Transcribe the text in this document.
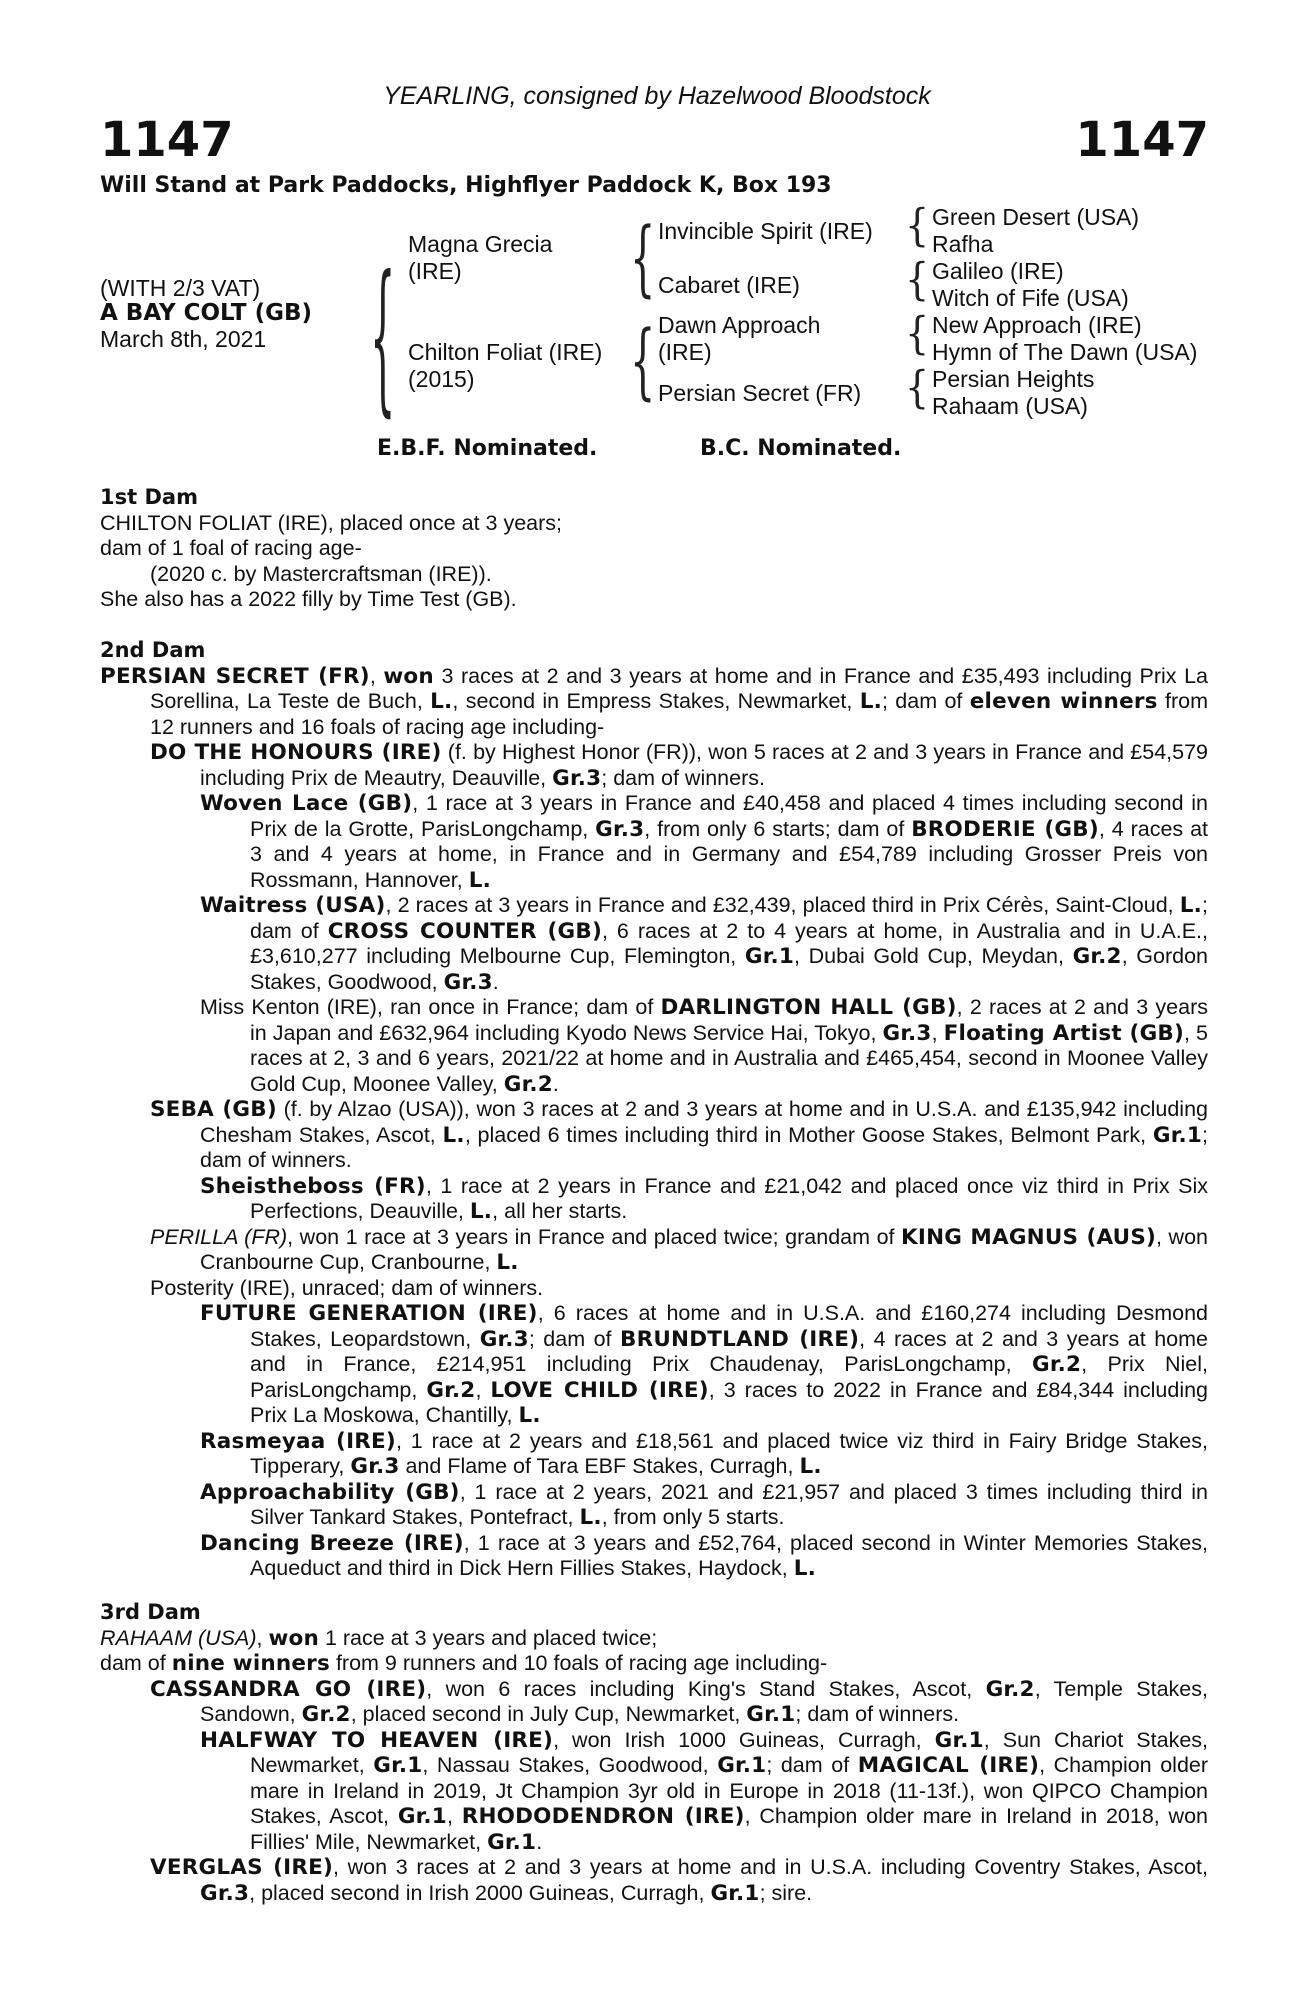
YEARLING, consigned by Hazelwood Bloodstock
1147	1147
Will Stand at Park Paddocks, Highflyer Paddock K, Box 193
(WITH 2/3 VAT)
A BAY COLT (GB)
March 8th, 2021	{	{
{
{
{
{
{
Magna Grecia
(IRE)
Chilton Foliat (IRE)
(2015)
Invincible Spirit (IRE)
Cabaret (IRE)
Dawn Approach
(IRE)
Persian Secret (FR)
Green Desert (USA)
Rafha
Galileo (IRE)
Witch of Fife (USA)
New Approach (IRE)
Hymn of The Dawn (USA)
Persian Heights
Rahaam (USA)
E.B.F. Nominated.	B.C. Nominated.
1st Dam
CHILTON FOLIAT (IRE), placed once at 3 years;
dam of 1 foal of racing age-
(2020 c. by Mastercraftsman (IRE)).
She also has a 2022 filly by Time Test (GB).
2nd Dam

PERSIAN SECRET (FR), won 3 races at 2 and 3 years at home and in France and £35,493 including Prix La Sorellina, La Teste de Buch, L., second in Empress Stakes, Newmarket, L.; dam of eleven winners from 12 runners and 16 foals of racing age including-

DO THE HONOURS (IRE) (f. by Highest Honor (FR)), won 5 races at 2 and 3 years in France and £54,579 including Prix de Meautry, Deauville, Gr.3; dam of winners.

Woven Lace (GB), 1 race at 3 years in France and £40,458 and placed 4 times including second in Prix de la Grotte, ParisLongchamp, Gr.3, from only 6 starts; dam of BRODERIE (GB), 4 races at 3 and 4 years at home, in France and in Germany and £54,789 including Grosser Preis von Rossmann, Hannover, L.

Waitress (USA), 2 races at 3 years in France and £32,439, placed third in Prix Cérès, Saint-Cloud, L.; dam of CROSS COUNTER (GB), 6 races at 2 to 4 years at home, in Australia and in U.A.E., £3,610,277 including Melbourne Cup, Flemington, Gr.1, Dubai Gold Cup, Meydan, Gr.2, Gordon Stakes, Goodwood, Gr.3.

Miss Kenton (IRE), ran once in France; dam of DARLINGTON HALL (GB), 2 races at 2 and 3 years in Japan and £632,964 including Kyodo News Service Hai, Tokyo, Gr.3, Floating Artist (GB), 5 races at 2, 3 and 6 years, 2021/22 at home and in Australia and £465,454, second in Moonee Valley Gold Cup, Moonee Valley, Gr.2.

SEBA (GB) (f. by Alzao (USA)), won 3 races at 2 and 3 years at home and in U.S.A. and £135,942 including Chesham Stakes, Ascot, L., placed 6 times including third in Mother Goose Stakes, Belmont Park, Gr.1; dam of winners.

Sheistheboss (FR), 1 race at 2 years in France and £21,042 and placed once viz third in Prix Six Perfections, Deauville, L., all her starts.

PERILLA (FR), won 1 race at 3 years in France and placed twice; grandam of KING MAGNUS (AUS), won Cranbourne Cup, Cranbourne, L.

Posterity (IRE), unraced; dam of winners.

FUTURE GENERATION (IRE), 6 races at home and in U.S.A. and £160,274 including Desmond Stakes, Leopardstown, Gr.3; dam of BRUNDTLAND (IRE), 4 races at 2 and 3 years at home and in France, £214,951 including Prix Chaudenay, ParisLongchamp, Gr.2, Prix Niel, ParisLongchamp, Gr.2, LOVE CHILD (IRE), 3 races to 2022 in France and £84,344 including Prix La Moskowa, Chantilly, L.

Rasmeyaa (IRE), 1 race at 2 years and £18,561 and placed twice viz third in Fairy Bridge Stakes, Tipperary, Gr.3 and Flame of Tara EBF Stakes, Curragh, L.

Approachability (GB), 1 race at 2 years, 2021 and £21,957 and placed 3 times including third in Silver Tankard Stakes, Pontefract, L., from only 5 starts.

Dancing Breeze (IRE), 1 race at 3 years and £52,764, placed second in Winter Memories Stakes, Aqueduct and third in Dick Hern Fillies Stakes, Haydock, L.

3rd Dam

RAHAAM (USA), won 1 race at 3 years and placed twice;

dam of nine winners from 9 runners and 10 foals of racing age including-

CASSANDRA GO (IRE), won 6 races including King's Stand Stakes, Ascot, Gr.2, Temple Stakes, Sandown, Gr.2, placed second in July Cup, Newmarket, Gr.1; dam of winners.

HALFWAY TO HEAVEN (IRE), won Irish 1000 Guineas, Curragh, Gr.1, Sun Chariot Stakes, Newmarket, Gr.1, Nassau Stakes, Goodwood, Gr.1; dam of MAGICAL (IRE), Champion older mare in Ireland in 2019, Jt Champion 3yr old in Europe in 2018 (11-13f.), won QIPCO Champion Stakes, Ascot, Gr.1, RHODODENDRON (IRE), Champion older mare in Ireland in 2018, won Fillies' Mile, Newmarket, Gr.1.

VERGLAS (IRE), won 3 races at 2 and 3 years at home and in U.S.A. including Coventry Stakes, Ascot, Gr.3, placed second in Irish 2000 Guineas, Curragh, Gr.1; sire.
